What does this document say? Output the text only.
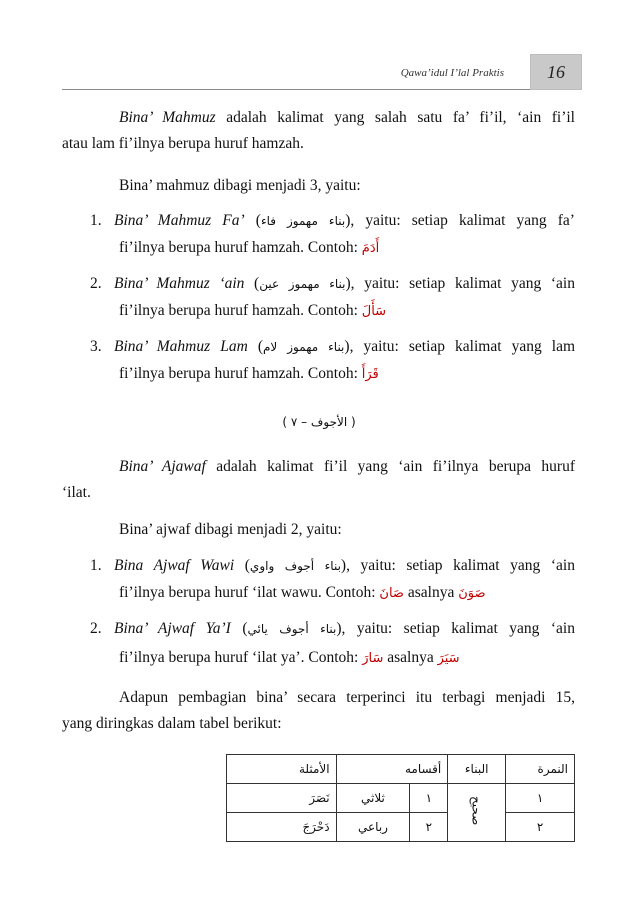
Qawa’idul I’lal Praktis	16
Bina’ Mahmuz adalah kalimat yang salah satu fa’ fi’il, ‘ain fi’il
atau lam fi’ilnya berupa huruf hamzah.
Bina’ mahmuz dibagi menjadi 3, yaitu:
1. Bina’ Mahmuz Fa’ (بناء مهموز فاء), yaitu: setiap kalimat yang fa’
fi’ilnya berupa huruf hamzah. Contoh: أَدَمَ
2. Bina’ Mahmuz ‘ain (بناء مهموز عين), yaitu: setiap kalimat yang ‘ain
fi’ilnya berupa huruf hamzah. Contoh: سَأَلَ
3. Bina’ Mahmuz Lam (بناء مهموز لام), yaitu: setiap kalimat yang lam
fi’ilnya berupa huruf hamzah. Contoh: قَرَأَ
( الأجوف – ٧ )
Bina’ Ajawaf adalah kalimat fi’il yang ‘ain fi’ilnya berupa huruf
‘ilat.
Bina’ ajwaf dibagi menjadi 2, yaitu:
1. Bina Ajwaf Wawi (بناء أجوف واوي), yaitu: setiap kalimat yang ‘ain
fi’ilnya berupa huruf ‘ilat wawu. Contoh: صَانَ asalnya صَوَنَ
2. Bina’ Ajwaf Ya’I (بناء أجوف يائي), yaitu: setiap kalimat yang ‘ain
fi’ilnya berupa huruf ‘ilat ya’. Contoh: سَارَ asalnya سَيَرَ
Adapun pembagian bina’ secara terperinci itu terbagi menjadi 15,
yang diringkas dalam tabel berikut:
الأمثلة	أقسامه		البناء	النمرة
نَصَرَ	ثلاثي	١	صحيح	١
دَحْرَجَ	رباعي	٢		٢
